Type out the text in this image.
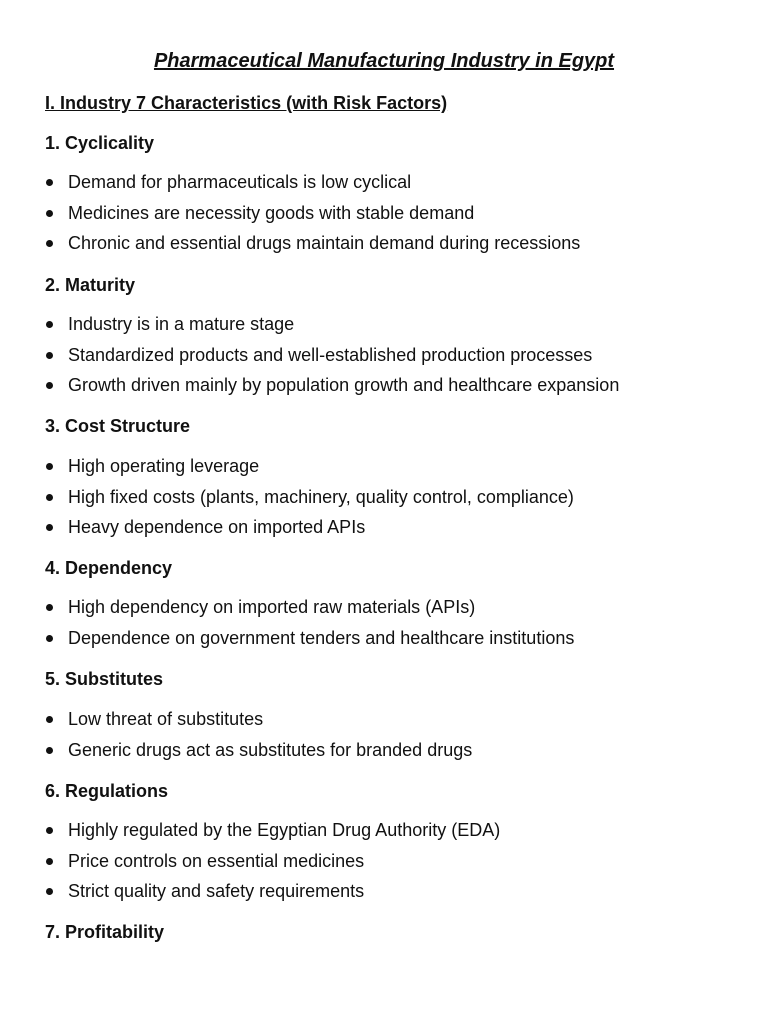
Pharmaceutical Manufacturing Industry in Egypt
I. Industry 7 Characteristics (with Risk Factors)
1. Cyclicality
Demand for pharmaceuticals is low cyclical
Medicines are necessity goods with stable demand
Chronic and essential drugs maintain demand during recessions
2. Maturity
Industry is in a mature stage
Standardized products and well-established production processes
Growth driven mainly by population growth and healthcare expansion
3. Cost Structure
High operating leverage
High fixed costs (plants, machinery, quality control, compliance)
Heavy dependence on imported APIs
4. Dependency
High dependency on imported raw materials (APIs)
Dependence on government tenders and healthcare institutions
5. Substitutes
Low threat of substitutes
Generic drugs act as substitutes for branded drugs
6. Regulations
Highly regulated by the Egyptian Drug Authority (EDA)
Price controls on essential medicines
Strict quality and safety requirements
7. Profitability
